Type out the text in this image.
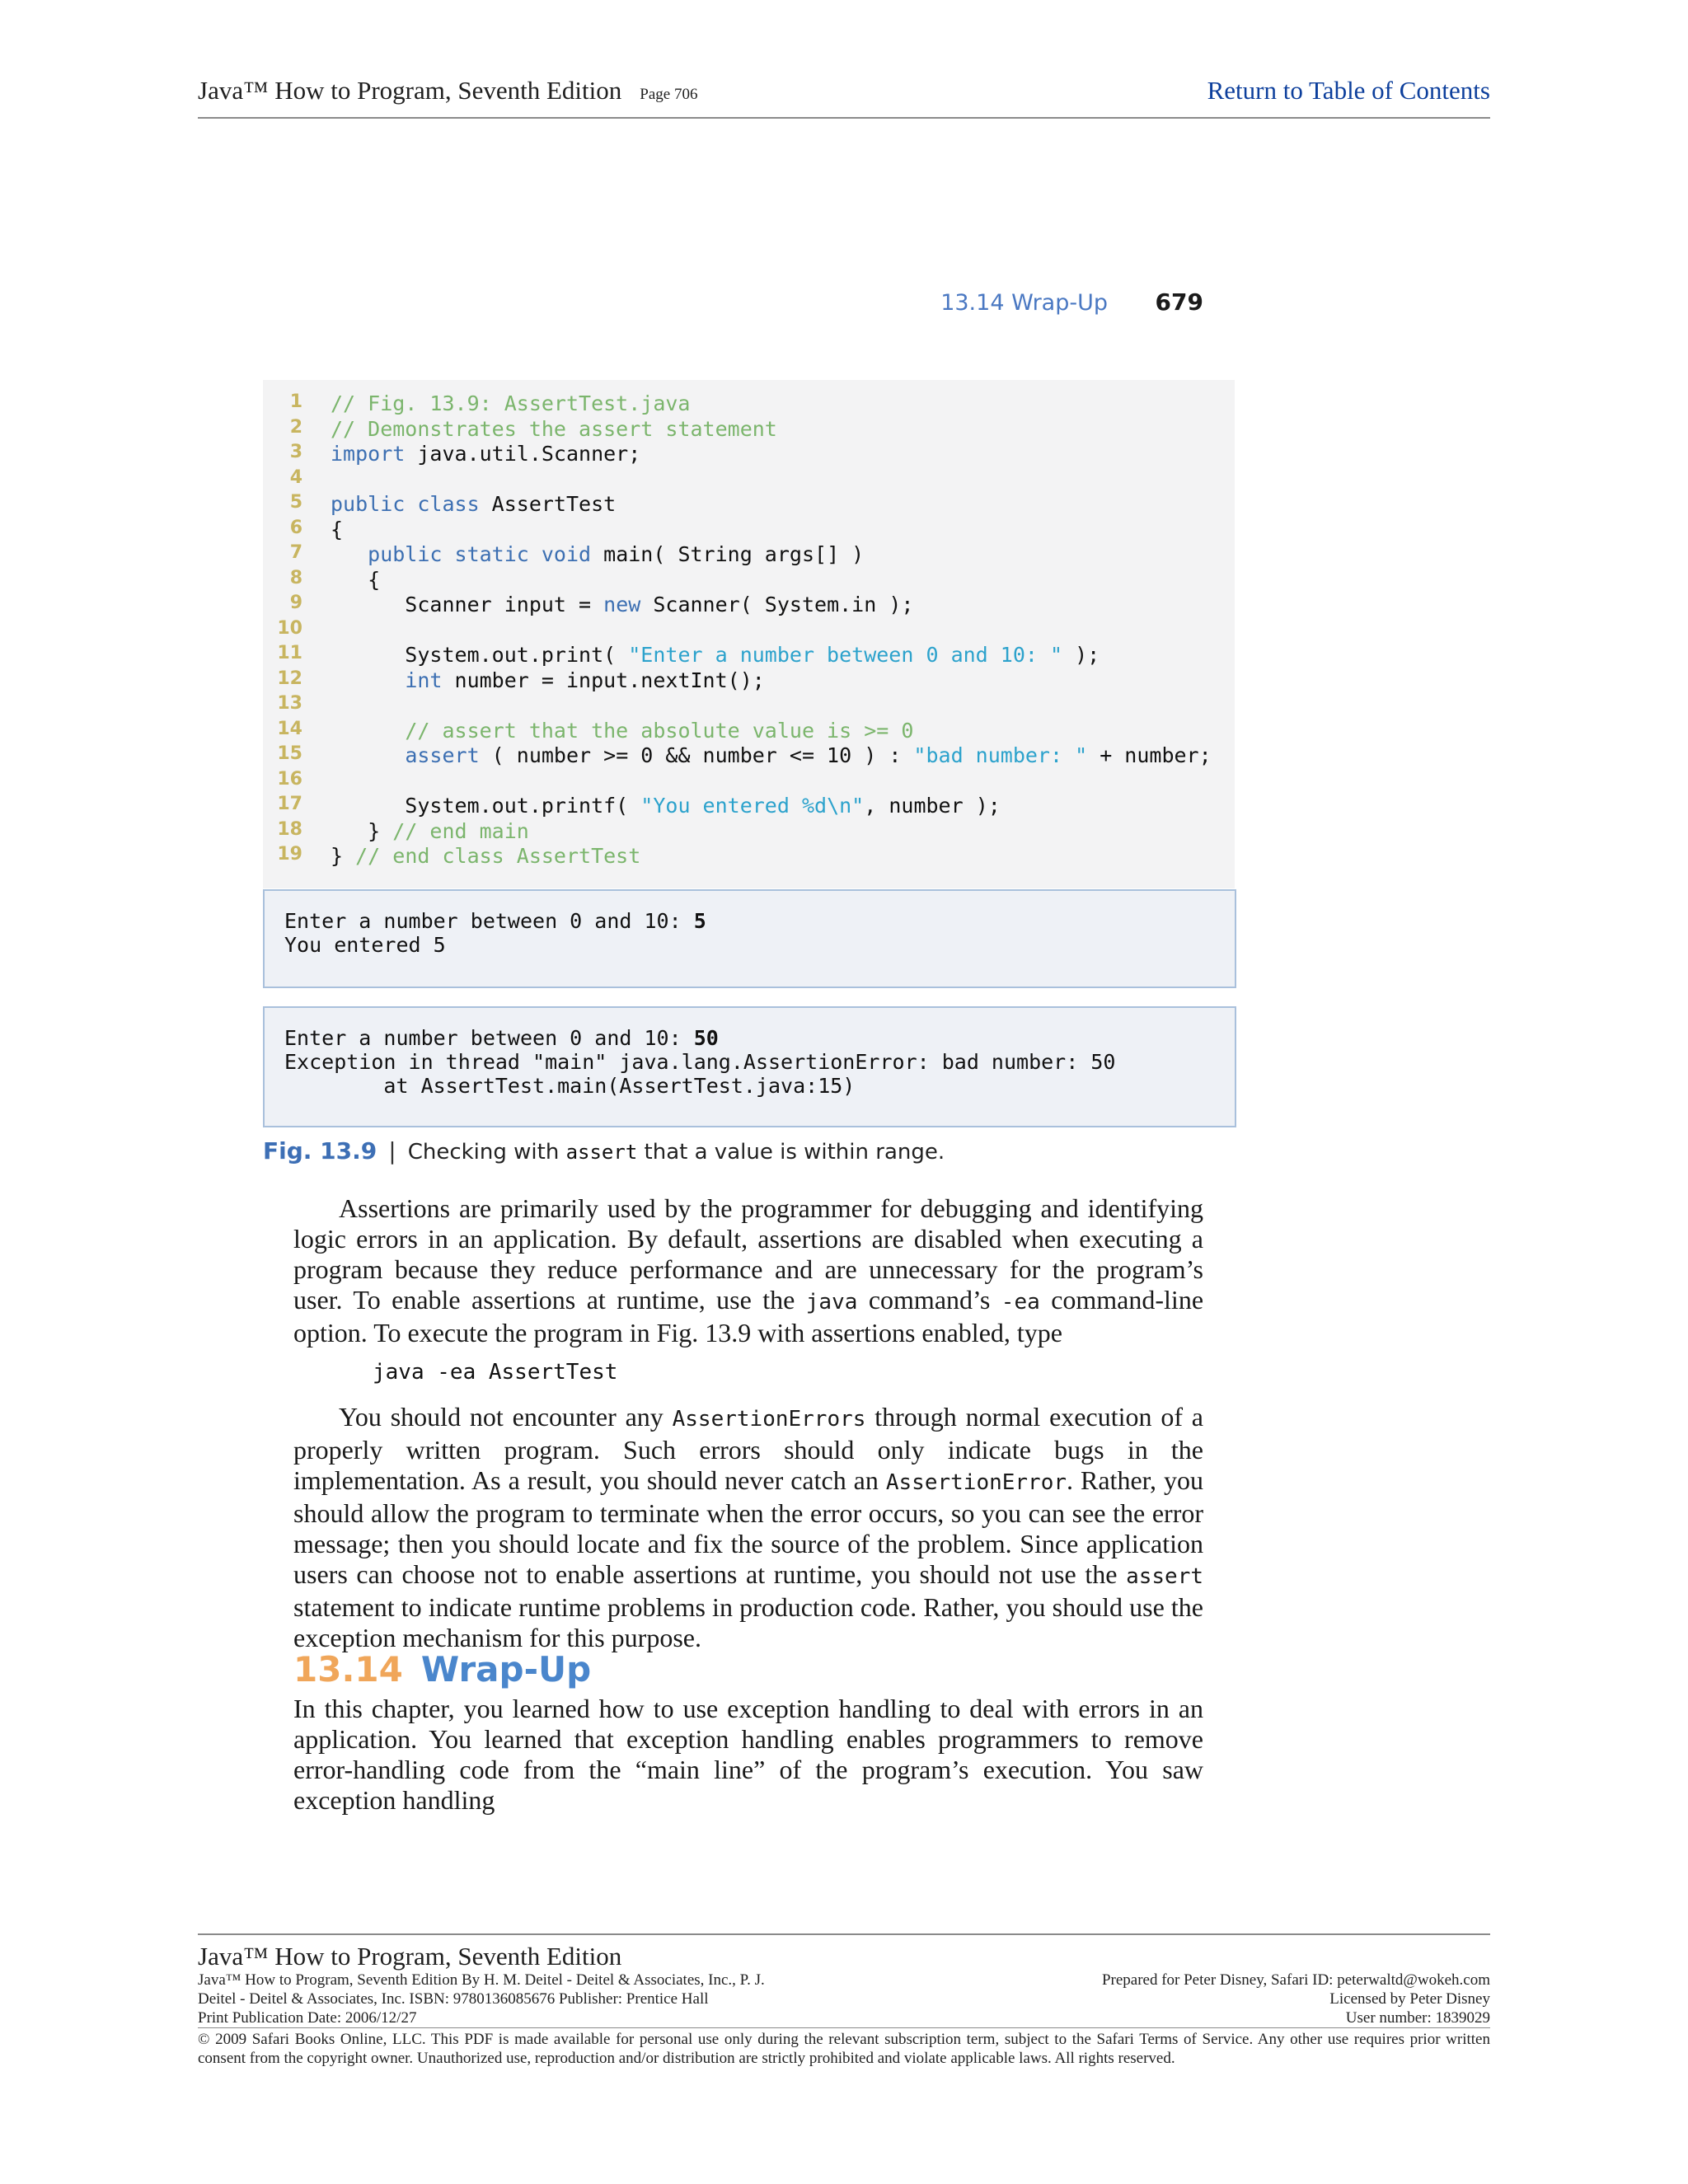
Java™ How to Program, Seventh Edition Page 706	Return to Table of Contents
13.14 Wrap-Up 679
1 // Fig. 13.9: AssertTest.java
2 // Demonstrates the assert statement
3 import java.util.Scanner;
4
5 public class AssertTest
6 {
7	public static void main( String args[] )
8 {
9 Scanner input = new Scanner( System.in );
10
11 System.out.print( "Enter a number between 0 and 10: " );
12	int number = input.nextInt();
13
14	// assert that the absolute value is >= 0
15	assert ( number >= 0 && number <= 10 ) : "bad number: " + number;
16
17 System.out.printf( "You entered %d\n", number );
18 } // end main
19 } // end class AssertTest
Enter a number between 0 and 10: 5
You entered 5
Enter a number between 0 and 10: 50
Exception in thread "main" java.lang.AssertionError: bad number: 50
at AssertTest.main(AssertTest.java:15)
Fig. 13.9 | Checking with assert that a value is within range.
Assertions are primarily used by the programmer for debugging and identifying logic errors in an application. By default, assertions are disabled when executing a program because they reduce performance and are unnecessary for the program’s user. To enable assertions at runtime, use the java command’s -ea command-line option. To execute the program in Fig. 13.9 with assertions enabled, type
java -ea AssertTest
You should not encounter any AssertionErrors through normal execution of a properly written program. Such errors should only indicate bugs in the implementation. As a result, you should never catch an AssertionError. Rather, you should allow the program to terminate when the error occurs, so you can see the error message; then you should locate and fix the source of the problem. Since application users can choose not to enable assertions at runtime, you should not use the assert statement to indicate runtime problems in production code. Rather, you should use the exception mechanism for this purpose.
13.14 Wrap-Up
In this chapter, you learned how to use exception handling to deal with errors in an application. You learned that exception handling enables programmers to remove error-handling code from the “main line” of the program’s execution. You saw exception handling
Java™ How to Program, Seventh Edition
Java™ How to Program, Seventh Edition By H. M. Deitel - Deitel & Associates, Inc., P. J.
Deitel - Deitel & Associates, Inc. ISBN: 9780136085676 Publisher: Prentice Hall
Print Publication Date: 2006/12/27
Prepared for Peter Disney, Safari ID: peterwaltd@wokeh.com
Licensed by Peter Disney
User number: 1839029
© 2009 Safari Books Online, LLC. This PDF is made available for personal use only during the relevant subscription term, subject to the Safari Terms of Service. Any other use requires prior written consent from the copyright owner. Unauthorized use, reproduction and/or distribution are strictly prohibited and violate applicable laws. All rights reserved.
